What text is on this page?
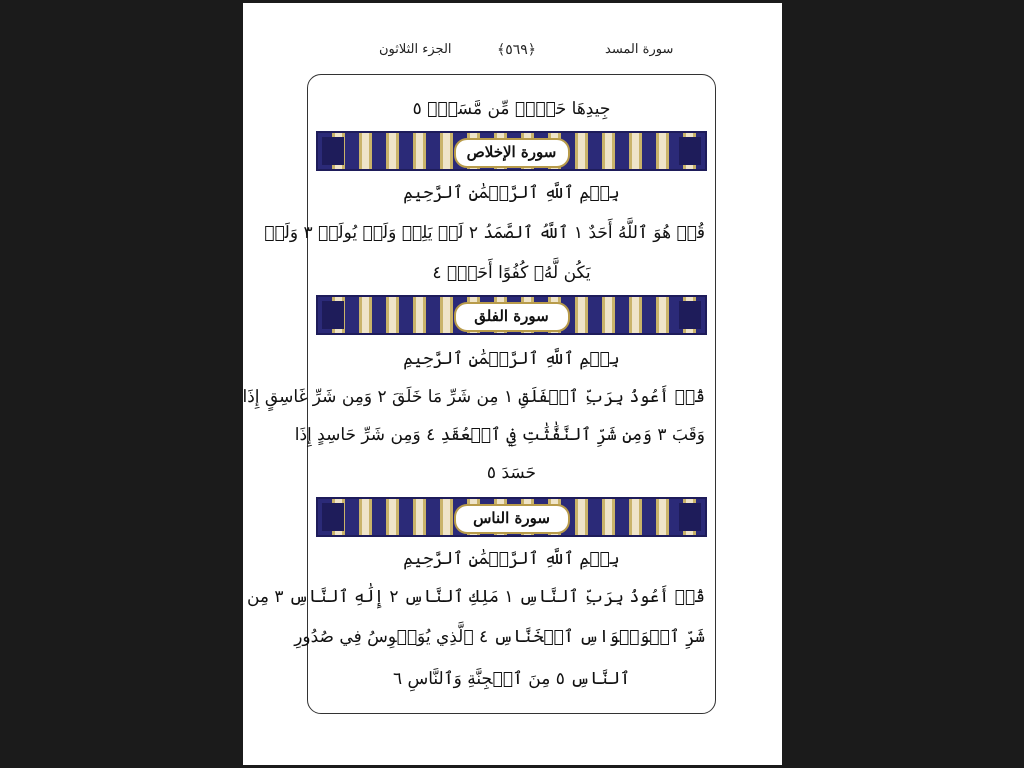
الجزء الثلاثون	﴿٥٦٩﴾	سورة المسد
جِيدِهَا حَبۡلٞ مِّن مَّسَدِۭ ٥
سورة الإخلاص
بِسۡمِ ٱللَّهِ ٱلرَّحۡمَٰنِ ٱلرَّحِيمِ
قُلۡ هُوَ ٱللَّهُ أَحَدٌ ١ ٱللَّهُ ٱلصَّمَدُ ٢ لَمۡ يَلِدۡ وَلَمۡ يُولَدۡ ٣ وَلَمۡ
يَكُن لَّهُۥ كُفُوًا أَحَدُۢ ٤
سورة الفلق
بِسۡمِ ٱللَّهِ ٱلرَّحۡمَٰنِ ٱلرَّحِيمِ
قُلۡ أَعُوذُ بِرَبِّ ٱلۡفَلَقِ ١ مِن شَرِّ مَا خَلَقَ ٢ وَمِن شَرِّ غَاسِقٍ إِذَا
وَقَبَ ٣ وَمِن شَرِّ ٱلنَّفَّٰثَٰتِ فِي ٱلۡعُقَدِ ٤ وَمِن شَرِّ حَاسِدٍ إِذَا
حَسَدَ ٥
سورة الناس
بِسۡمِ ٱللَّهِ ٱلرَّحۡمَٰنِ ٱلرَّحِيمِ
قُلۡ أَعُوذُ بِرَبِّ ٱلنَّاسِ ١ مَلِكِ ٱلنَّاسِ ٢ إِلَٰهِ ٱلنَّاسِ ٣ مِن
شَرِّ ٱلۡوَسۡوَاسِ ٱلۡخَنَّاسِ ٤ ٱلَّذِي يُوَسۡوِسُ فِي صُدُورِ
ٱلنَّاسِ ٥ مِنَ ٱلۡجِنَّةِ وَٱلنَّاسِ ٦
